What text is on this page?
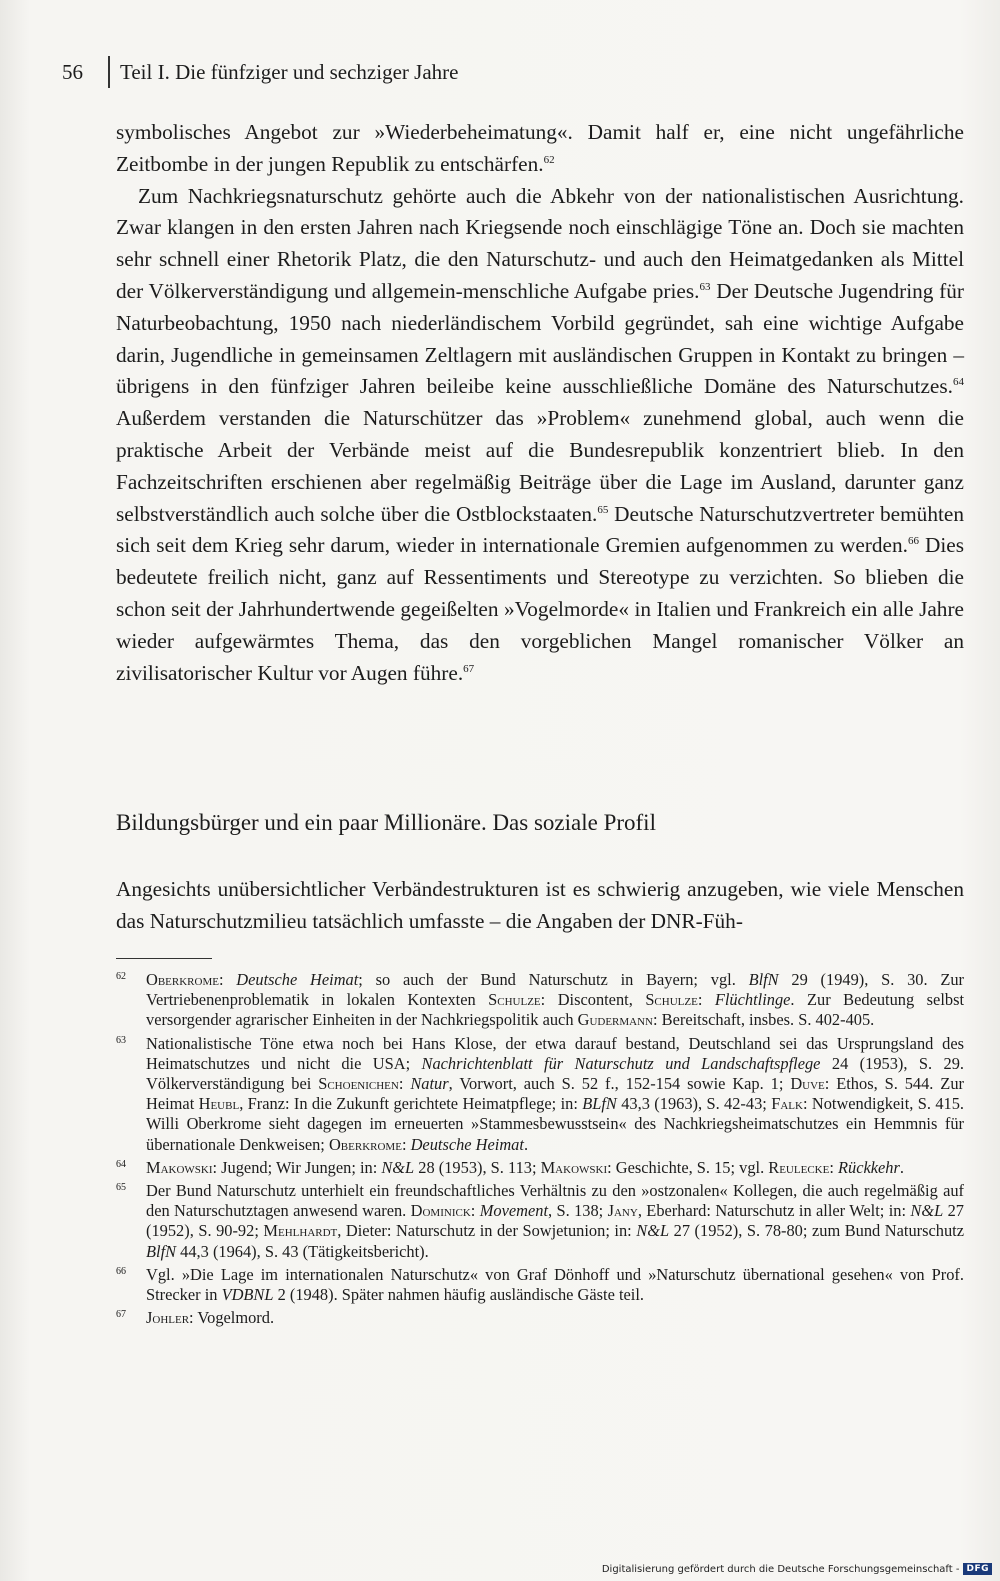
56	Teil I. Die fünfziger und sechziger Jahre

symbolisches Angebot zur »Wiederbeheimatung«. Damit half er, eine nicht ungefährliche Zeitbombe in der jungen Republik zu entschärfen.$^{62}$

Zum Nachkriegsnaturschutz gehörte auch die Abkehr von der nationalistischen Ausrichtung. Zwar klangen in den ersten Jahren nach Kriegsende noch einschlägige Töne an. Doch sie machten sehr schnell einer Rhetorik Platz, die den Naturschutz- und auch den Heimatgedanken als Mittel der Völkerverständigung und allgemein-menschliche Aufgabe pries.$^{63}$ Der Deutsche Jugendring für Naturbeobachtung, 1950 nach niederländischem Vorbild gegründet, sah eine wichtige Aufgabe darin, Jugendliche in gemeinsamen Zeltlagern mit ausländischen Gruppen in Kontakt zu bringen – übrigens in den fünfziger Jahren beileibe keine ausschließliche Domäne des Naturschutzes.$^{64}$ Außerdem verstanden die Naturschützer das »Problem« zunehmend global, auch wenn die praktische Arbeit der Verbände meist auf die Bundesrepublik konzentriert blieb. In den Fachzeitschriften erschienen aber regelmäßig Beiträge über die Lage im Ausland, darunter ganz selbstverständlich auch solche über die Ostblockstaaten.$^{65}$ Deutsche Naturschutzvertreter bemühten sich seit dem Krieg sehr darum, wieder in internationale Gremien aufgenommen zu werden.$^{66}$ Dies bedeutete freilich nicht, ganz auf Ressentiments und Stereotype zu verzichten. So blieben die schon seit der Jahrhundertwende gegeißelten »Vogelmorde« in Italien und Frankreich ein alle Jahre wieder aufgewärmtes Thema, das den vorgeblichen Mangel romanischer Völker an zivilisatorischer Kultur vor Augen führe.$^{67}$

Bildungsbürger und ein paar Millionäre. Das soziale Profil

Angesichts unübersichtlicher Verbändestrukturen ist es schwierig anzugeben, wie viele Menschen das Naturschutzmilieu tatsächlich umfasste – die Angaben der DNR-Füh-

62 Oberkrome: Deutsche Heimat; so auch der Bund Naturschutz in Bayern; vgl. BlfN 29 (1949), S. 30. Zur Vertriebenenproblematik in lokalen Kontexten Schulze: Discontent, Schulze: Flüchtlinge. Zur Bedeutung selbst versorgender agrarischer Einheiten in der Nachkriegspolitik auch Gudermann: Bereitschaft, insbes. S. 402-405.
63 Nationalistische Töne etwa noch bei Hans Klose, der etwa darauf bestand, Deutschland sei das Ursprungsland des Heimatschutzes und nicht die USA; Nachrichtenblatt für Naturschutz und Landschaftspflege 24 (1953), S. 29. Völkerverständigung bei Schoenichen: Natur, Vorwort, auch S. 52 f., 152-154 sowie Kap. 1; Duve: Ethos, S. 544. Zur Heimat Heubl, Franz: In die Zukunft gerichtete Heimatpflege; in: BLfN 43,3 (1963), S. 42-43; Falk: Notwendigkeit, S. 415. Willi Oberkrome sieht dagegen im erneuerten »Stammesbewusstsein« des Nachkriegsheimatschutzes ein Hemmnis für übernationale Denkweisen; Oberkrome: Deutsche Heimat.
64 Makowski: Jugend; Wir Jungen; in: N&L 28 (1953), S. 113; Makowski: Geschichte, S. 15; vgl. Reulecke: Rückkehr.
65 Der Bund Naturschutz unterhielt ein freundschaftliches Verhältnis zu den »ostzonalen« Kollegen, die auch regelmäßig auf den Naturschutztagen anwesend waren. Dominick: Movement, S. 138; Jany, Eberhard: Naturschutz in aller Welt; in: N&L 27 (1952), S. 90-92; Mehlhardt, Dieter: Naturschutz in der Sowjetunion; in: N&L 27 (1952), S. 78-80; zum Bund Naturschutz BlfN 44,3 (1964), S. 43 (Tätigkeitsbericht).
66 Vgl. »Die Lage im internationalen Naturschutz« von Graf Dönhoff und »Naturschutz übernational gesehen« von Prof. Strecker in VDBNL 2 (1948). Später nahmen häufig ausländische Gäste teil.
67 Johler: Vogelmord.
Digitalisierung gefördert durch die Deutsche Forschungsgemeinschaft - DFG
